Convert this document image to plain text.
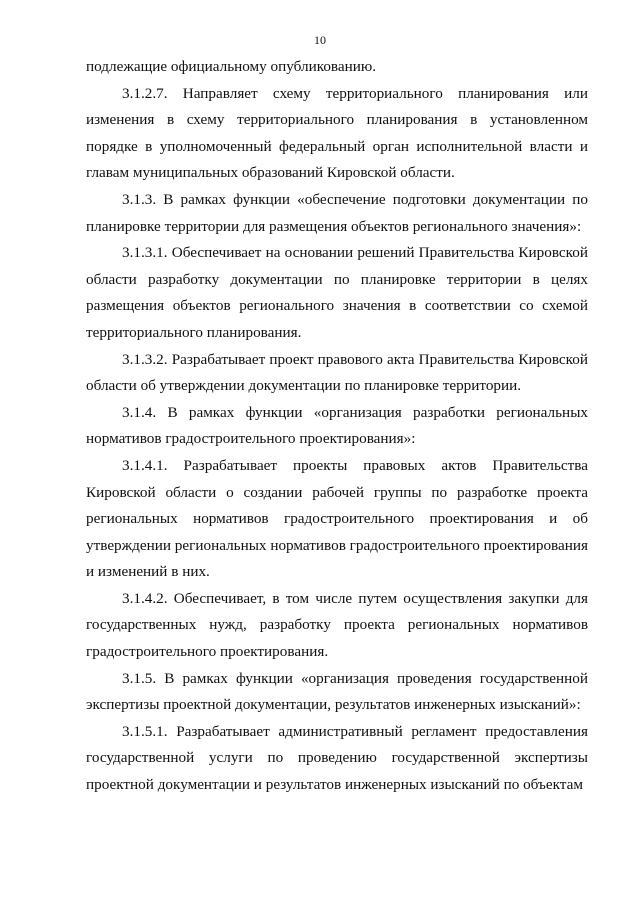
10

подлежащие официальному опубликованию.

3.1.2.7. Направляет схему территориального планирования или изменения в схему территориального планирования в установленном порядке в уполномоченный федеральный орган исполнительной власти и главам муниципальных образований Кировской области.

3.1.3. В рамках функции «обеспечение подготовки документации по планировке территории для размещения объектов регионального значения»:

3.1.3.1. Обеспечивает на основании решений Правительства Кировской области разработку документации по планировке территории в целях размещения объектов регионального значения в соответствии со схемой территориального планирования.

3.1.3.2. Разрабатывает проект правового акта Правительства Кировской области об утверждении документации по планировке территории.

3.1.4. В рамках функции «организация разработки региональных нормативов градостроительного проектирования»:

3.1.4.1. Разрабатывает проекты правовых актов Правительства Кировской области о создании рабочей группы по разработке проекта региональных нормативов градостроительного проектирования и об утверждении региональных нормативов градостроительного проектирования и изменений в них.

3.1.4.2. Обеспечивает, в том числе путем осуществления закупки для государственных нужд, разработку проекта региональных нормативов градостроительного проектирования.

3.1.5. В рамках функции «организация проведения государственной экспертизы проектной документации, результатов инженерных изысканий»:

3.1.5.1. Разрабатывает административный регламент предоставления государственной услуги по проведению государственной экспертизы проектной документации и результатов инженерных изысканий по объектам
